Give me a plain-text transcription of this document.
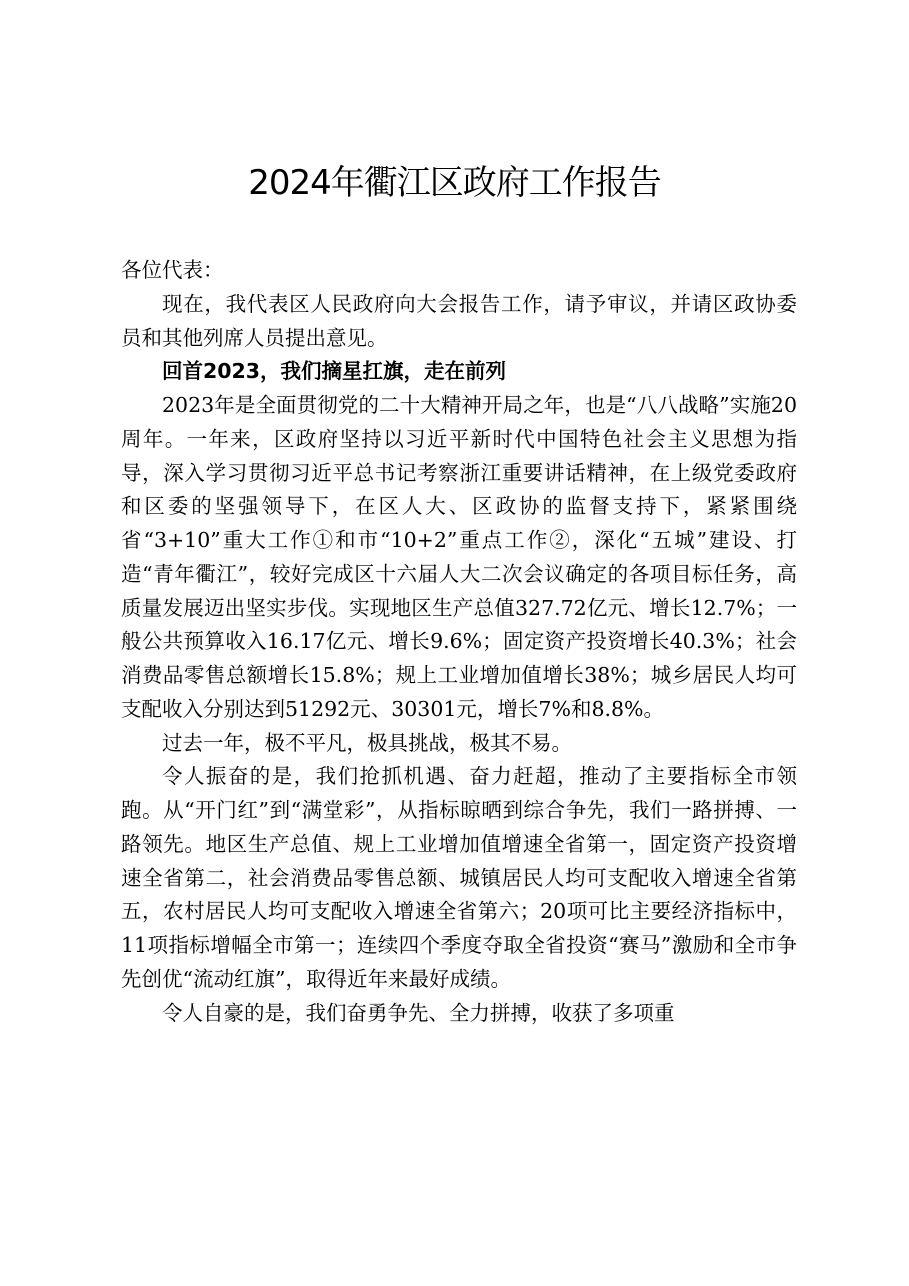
2024年衢江区政府工作报告

各位代表：

现在，我代表区人民政府向大会报告工作，请予审议，并请区政协委员和其他列席人员提出意见。

回首2023，我们摘星扛旗，走在前列

2023年是全面贯彻党的二十大精神开局之年，也是“八八战略”实施20周年。一年来，区政府坚持以习近平新时代中国特色社会主义思想为指导，深入学习贯彻习近平总书记考察浙江重要讲话精神，在上级党委政府和区委的坚强领导下，在区人大、区政协的监督支持下，紧紧围绕省“3+10”重大工作①和市“10+2”重点工作②，深化“五城”建设、打造“青年衢江”，较好完成区十六届人大二次会议确定的各项目标任务，高质量发展迈出坚实步伐。实现地区生产总值327.72亿元、增长12.7%；一般公共预算收入16.17亿元、增长9.6%；固定资产投资增长40.3%；社会消费品零售总额增长15.8%；规上工业增加值增长38%；城乡居民人均可支配收入分别达到51292元、30301元，增长7%和8.8%。

过去一年，极不平凡，极具挑战，极其不易。

令人振奋的是，我们抢抓机遇、奋力赶超，推动了主要指标全市领跑。从“开门红”到“满堂彩”，从指标晾晒到综合争先，我们一路拼搏、一路领先。地区生产总值、规上工业增加值增速全省第一，固定资产投资增速全省第二，社会消费品零售总额、城镇居民人均可支配收入增速全省第五，农村居民人均可支配收入增速全省第六；20项可比主要经济指标中，11项指标增幅全市第一；连续四个季度夺取全省投资“赛马”激励和全市争先创优“流动红旗”，取得近年来最好成绩。

令人自豪的是，我们奋勇争先、全力拼搏，收获了多项重
